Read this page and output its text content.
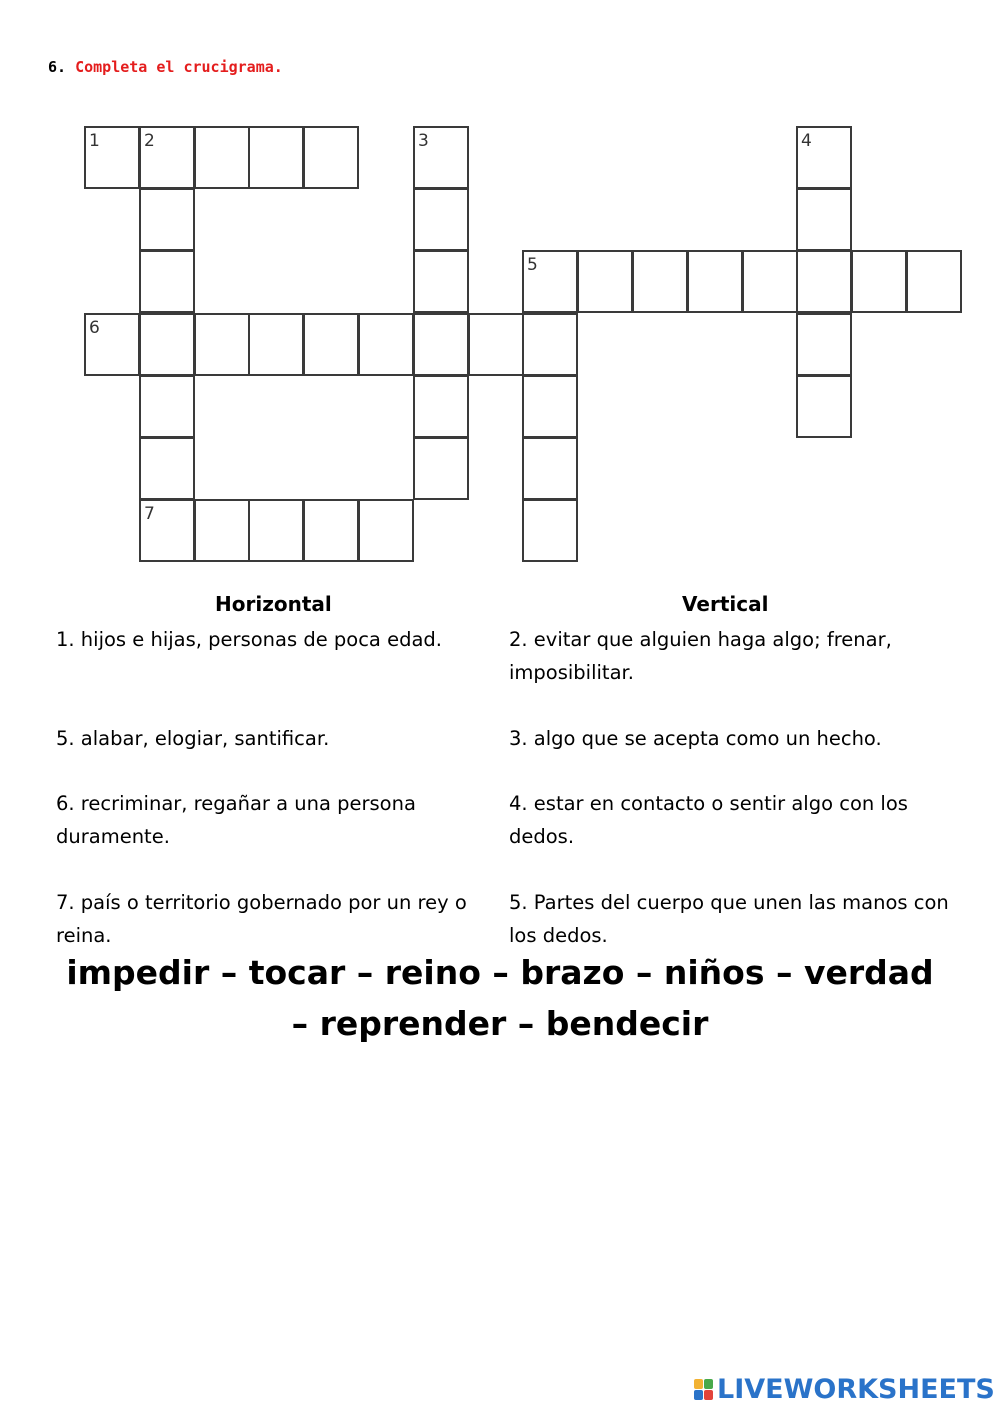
6. Completa el crucigrama.
1	2	3	4
5
6
7
Horizontal	Vertical
1. hijos e hijas, personas de poca edad.
5. alabar, elogiar, santificar.
6. recriminar, regañar a una persona duramente.
7. país o territorio gobernado por un rey o reina.
2. evitar que alguien haga algo; frenar, imposibilitar.
3. algo que se acepta como un hecho.
4. estar en contacto o sentir algo con los dedos.
5. Partes del cuerpo que unen las manos con los dedos.
impedir – tocar – reino – brazo – niños – verdad
– reprender – bendecir
LIVEWORKSHEETS
